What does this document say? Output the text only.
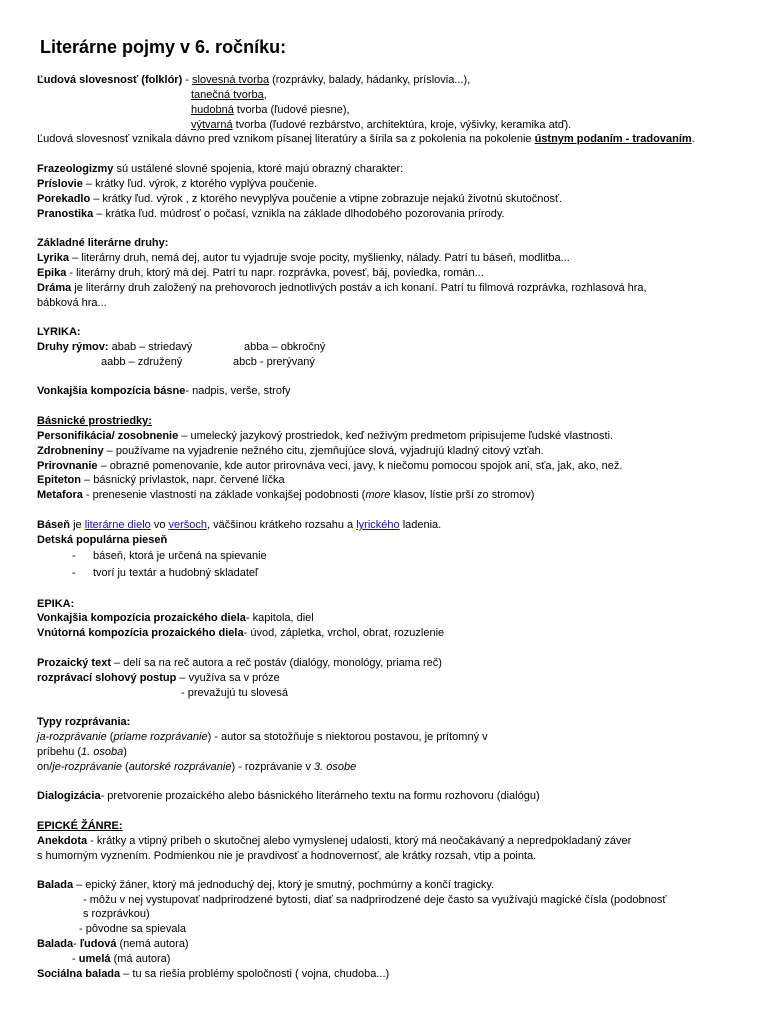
Literárne pojmy v 6. ročníku:
Ľudová slovesnosť (folklór) - slovesná tvorba (rozprávky, balady, hádanky, príslovia...),
tanečná tvorba,
hudobná tvorba (ľudové piesne),
výtvarná tvorba (ľudové rezbárstvo, architektúra, kroje, výšivky, keramika atď).
Ľudová slovesnosť vznikala dávno pred vznikom písanej literatúry a šírila sa z pokolenia na pokolenie ústnym podaním - tradovaním.
Frazeologizmy sú ustálené slovné spojenia, ktoré majú obrazný charakter:
Príslovie – krátky ľud. výrok, z ktorého vyplýva poučenie.
Porekadlo – krátky ľud. výrok , z ktorého nevyplýva poučenie a vtipne zobrazuje nejakú životnú skutočnosť.
Pranostika – krátka ľud. múdrosť o počasí, vznikla na základe dlhodobého pozorovania prírody.
Základné literárne druhy:
Lyrika – literárny druh, nemá dej, autor tu vyjadruje svoje pocity, myšlienky, nálady. Patrí tu báseň, modlitba...
Epika - literárny druh, ktorý má dej. Patrí tu napr. rozprávka, povesť, báj, poviedka, román...
Dráma je literárny druh založený na prehovoroch jednotlivých postáv a ich konaní. Patrí tu filmová rozprávka, rozhlasová hra,
bábková hra...
LYRIKA:
Druhy rýmov: abab – striedavý	abba – obkročný
aabb – združený	abcb - prerývaný
Vonkajšia kompozícia básne- nadpis, verše, strofy
Básnické prostriedky:
Personifikácia/ zosobnenie – umelecký jazykový prostriedok, keď neživým predmetom pripisujeme ľudské vlastnosti.
Zdrobneniny – používame na vyjadrenie nežného citu, zjemňujúce slová, vyjadrujú kladný citový vzťah.
Prirovnanie – obrazné pomenovanie, kde autor prirovnáva veci, javy, k niečomu pomocou spojok ani, sťa, jak, ako, než.
Epiteton – básnický prívlastok, napr. červené líčka
Metafora - prenesenie vlastností na základe vonkajšej podobnosti (more klasov, lístie prší zo stromov)
Báseň je literárne dielo vo veršoch, väčšinou krátkeho rozsahu a lyrického ladenia.
Detská populárna pieseň
- báseň, ktorá je určená na spievanie
- tvorí ju textár a hudobný skladateľ
EPIKA:
Vonkajšia kompozícia prozaického diela- kapitola, diel
Vnútorná kompozícia prozaického diela- úvod, zápletka, vrchol, obrat, rozuzlenie
Prozaický text – delí sa na reč autora a reč postáv (dialógy, monológy, priama reč)
rozprávací slohový postup – využíva sa v próze
- prevažujú tu slovesá
Typy rozprávania:
ja-rozprávanie (priame rozprávanie) - autor sa stotožňuje s niektorou postavou, je prítomný v
príbehu (1. osoba)
on/je-rozprávanie (autorské rozprávanie) - rozprávanie v 3. osobe
Dialogizácia- pretvorenie prozaického alebo básnického literárneho textu na formu rozhovoru (dialógu)
EPICKÉ ŽÁNRE:
Anekdota - krátky a vtipný príbeh o skutočnej alebo vymyslenej udalosti, ktorý má neočakávaný a nepredpokladaný záver
s humorným vyznením. Podmienkou nie je pravdivosť a hodnovernosť, ale krátky rozsah, vtip a pointa.
Balada – epický žáner, ktorý má jednoduchý dej, ktorý je smutný, pochmúrny a končí tragicky.
- môžu v nej vystupovať nadprirodzené bytosti, diať sa nadprirodzené deje často sa využívajú magické čísla (podobnosť
s rozprávkou)
- pôvodne sa spievala
Balada- ľudová (nemá autora)
- umelá (má autora)
Sociálna balada – tu sa riešia problémy spoločnosti ( vojna, chudoba...)
